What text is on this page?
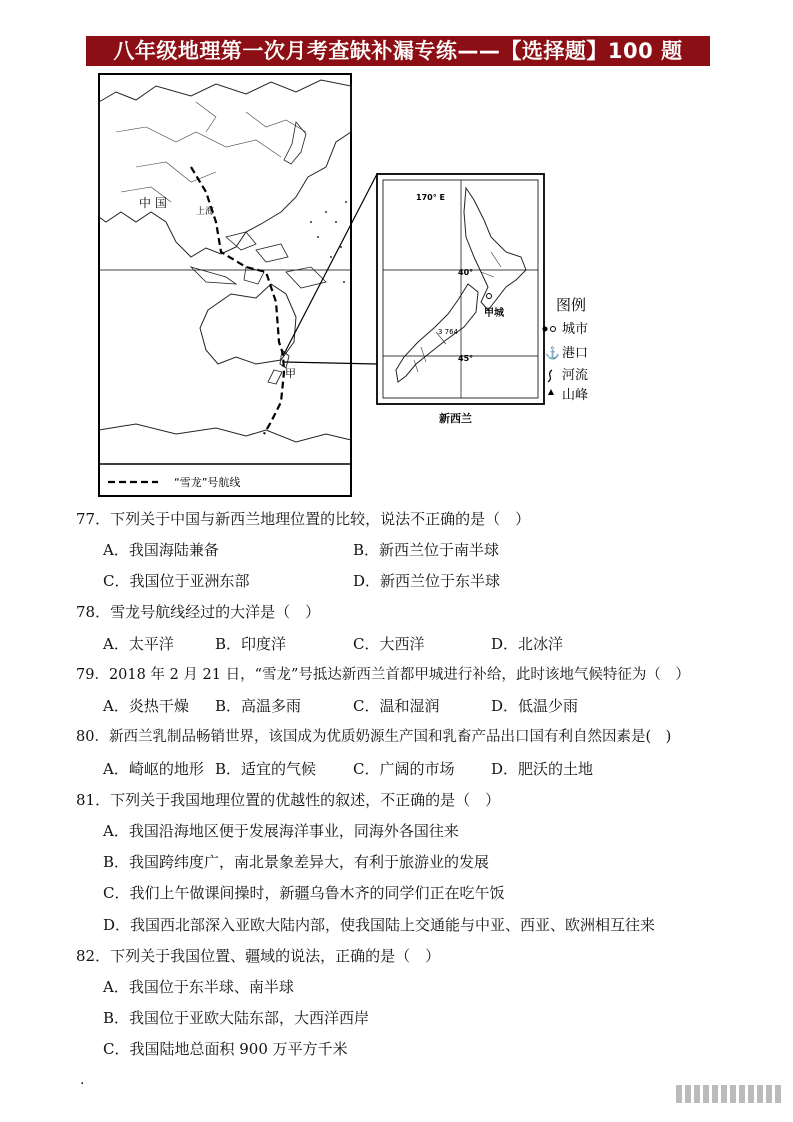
八年级地理第一次月考查缺补漏专练——【选择题】100 题
中 国
上海
甲
“雪龙”号航线
170° E
40°
45°
3 764
甲城
新西兰
图例
城市
⚓ 港口
河流
山峰
77．下列关于中国与新西兰地理位置的比较，说法不正确的是（　）
A．我国海陆兼备	B．新西兰位于南半球
C．我国位于亚洲东部	D．新西兰位于东半球
78．雪龙号航线经过的大洋是（　）
A．太平洋	B．印度洋	C．大西洋	D．北冰洋
79．2018 年 2 月 21 日，“雪龙”号抵达新西兰首都甲城进行补给，此时该地气候特征为（　）
A．炎热干燥 B．高温多雨	C．温和湿润	D．低温少雨
80．新西兰乳制品畅销世界，该国成为优质奶源生产国和乳畜产品出口国有利自然因素是(　)
A．崎岖的地形 B．适宜的气候 C．广阔的市场 D．肥沃的土地
81．下列关于我国地理位置的优越性的叙述，不正确的是（　）
A．我国沿海地区便于发展海洋事业，同海外各国往来
B．我国跨纬度广，南北景象差异大，有利于旅游业的发展
C．我们上午做课间操时，新疆乌鲁木齐的同学们正在吃午饭
D．我国西北部深入亚欧大陆内部，使我国陆上交通能与中亚、西亚、欧洲相互往来
82．下列关于我国位置、疆域的说法，正确的是（　）
A．我国位于东半球、南半球
B．我国位于亚欧大陆东部，大西洋西岸
C．我国陆地总面积 900 万平方千米
.
